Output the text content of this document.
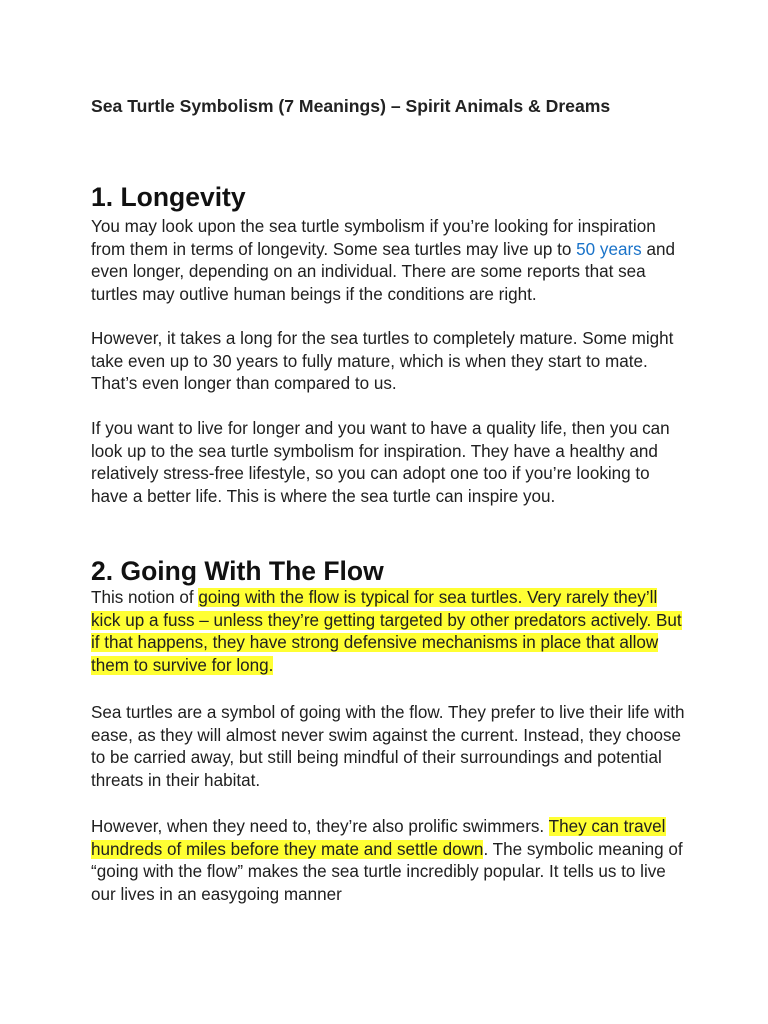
Sea Turtle Symbolism (7 Meanings) – Spirit Animals & Dreams
1. Longevity

You may look upon the sea turtle symbolism if you’re looking for inspiration from them in terms of longevity. Some sea turtles may live up to 50 years and even longer, depending on an individual. There are some reports that sea turtles may outlive human beings if the conditions are right.

However, it takes a long for the sea turtles to completely mature. Some might take even up to 30 years to fully mature, which is when they start to mate. That’s even longer than compared to us.

If you want to live for longer and you want to have a quality life, then you can look up to the sea turtle symbolism for inspiration. They have a healthy and relatively stress-free lifestyle, so you can adopt one too if you’re looking to have a better life. This is where the sea turtle can inspire you.

2. Going With The Flow

This notion of going with the flow is typical for sea turtles. Very rarely they’ll kick up a fuss – unless they’re getting targeted by other predators actively. But if that happens, they have strong defensive mechanisms in place that allow them to survive for long.

Sea turtles are a symbol of going with the flow. They prefer to live their life with ease, as they will almost never swim against the current. Instead, they choose to be carried away, but still being mindful of their surroundings and potential threats in their habitat.

However, when they need to, they’re also prolific swimmers. They can travel hundreds of miles before they mate and settle down. The symbolic meaning of “going with the flow” makes the sea turtle incredibly popular. It tells us to live our lives in an easygoing manner
